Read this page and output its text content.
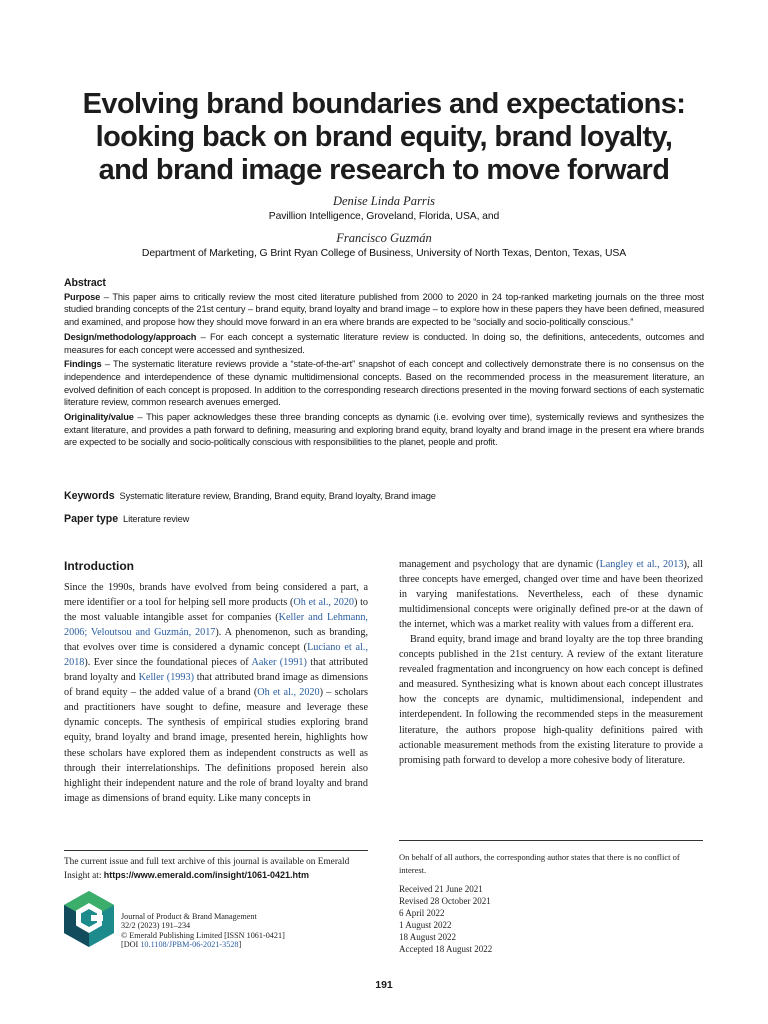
Evolving brand boundaries and expectations:
looking back on brand equity, brand loyalty,
and brand image research to move forward
Denise Linda Parris
Pavillion Intelligence, Groveland, Florida, USA, and
Francisco Guzmán
Department of Marketing, G Brint Ryan College of Business, University of North Texas, Denton, Texas, USA
Abstract

Purpose – This paper aims to critically review the most cited literature published from 2000 to 2020 in 24 top-ranked marketing journals on the three most studied branding concepts of the 21st century – brand equity, brand loyalty and brand image – to explore how in these papers they have been defined, measured and examined, and propose how they should move forward in an era where brands are expected to be “socially and socio-politically conscious.”

Design/methodology/approach – For each concept a systematic literature review is conducted. In doing so, the definitions, antecedents, outcomes and measures for each concept were accessed and synthesized.

Findings – The systematic literature reviews provide a “state-of-the-art” snapshot of each concept and collectively demonstrate there is no consensus on the independence and interdependence of these dynamic multidimensional concepts. Based on the recommended process in the measurement literature, an evolved definition of each concept is proposed. In addition to the corresponding research directions presented in the moving forward sections of each systematic literature review, common research avenues emerged.

Originality/value – This paper acknowledges these three branding concepts as dynamic (i.e. evolving over time), systemically reviews and synthesizes the extant literature, and provides a path forward to defining, measuring and exploring brand equity, brand loyalty and brand image in the present era where brands are expected to be socially and socio-politically conscious with responsibilities to the planet, people and profit.

Keywords Systematic literature review, Branding, Brand equity, Brand loyalty, Brand image
Paper type Literature review
Introduction

Since the 1990s, brands have evolved from being considered a part, a mere identifier or a tool for helping sell more products (Oh et al., 2020) to the most valuable intangible asset for companies (Keller and Lehmann, 2006; Veloutsou and Guzmán, 2017). A phenomenon, such as branding, that evolves over time is considered a dynamic concept (Luciano et al., 2018). Ever since the foundational pieces of Aaker (1991) that attributed brand loyalty and Keller (1993) that attributed brand image as dimensions of brand equity – the added value of a brand (Oh et al., 2020) – scholars and practitioners have sought to define, measure and leverage these dynamic concepts. The synthesis of empirical studies exploring brand equity, brand loyalty and brand image, presented herein, highlights how these scholars have explored them as independent constructs as well as through their interrelationships. The definitions proposed herein also highlight their independent nature and the role of brand loyalty and brand image as dimensions of brand equity. Like many concepts in

management and psychology that are dynamic (Langley et al., 2013), all three concepts have emerged, changed over time and have been theorized in varying manifestations. Nevertheless, each of these dynamic multidimensional concepts were originally defined pre-or at the dawn of the internet, which was a market reality with values from a different era.

Brand equity, brand image and brand loyalty are the top three branding concepts published in the 21st century. A review of the extant literature revealed fragmentation and incongruency on how each concept is defined and measured. Synthesizing what is known about each concept illustrates how the concepts are dynamic, multidimensional, independent and interdependent. In following the recommended steps in the measurement literature, the authors propose high-quality definitions paired with actionable measurement methods from the existing literature to provide a promising path forward to develop a more cohesive body of literature.

The current issue and full text archive of this journal is available on Emerald Insight at: https://www.emerald.com/insight/1061-0421.htm

Journal of Product & Brand Management
32/2 (2023) 191–234
© Emerald Publishing Limited [ISSN 1061-0421]
[DOI 10.1108/JPBM-06-2021-3528]

On behalf of all authors, the corresponding author states that there is no conflict of interest.

Received 21 June 2021
Revised 28 October 2021
6 April 2022
1 August 2022
18 August 2022
Accepted 18 August 2022

191
